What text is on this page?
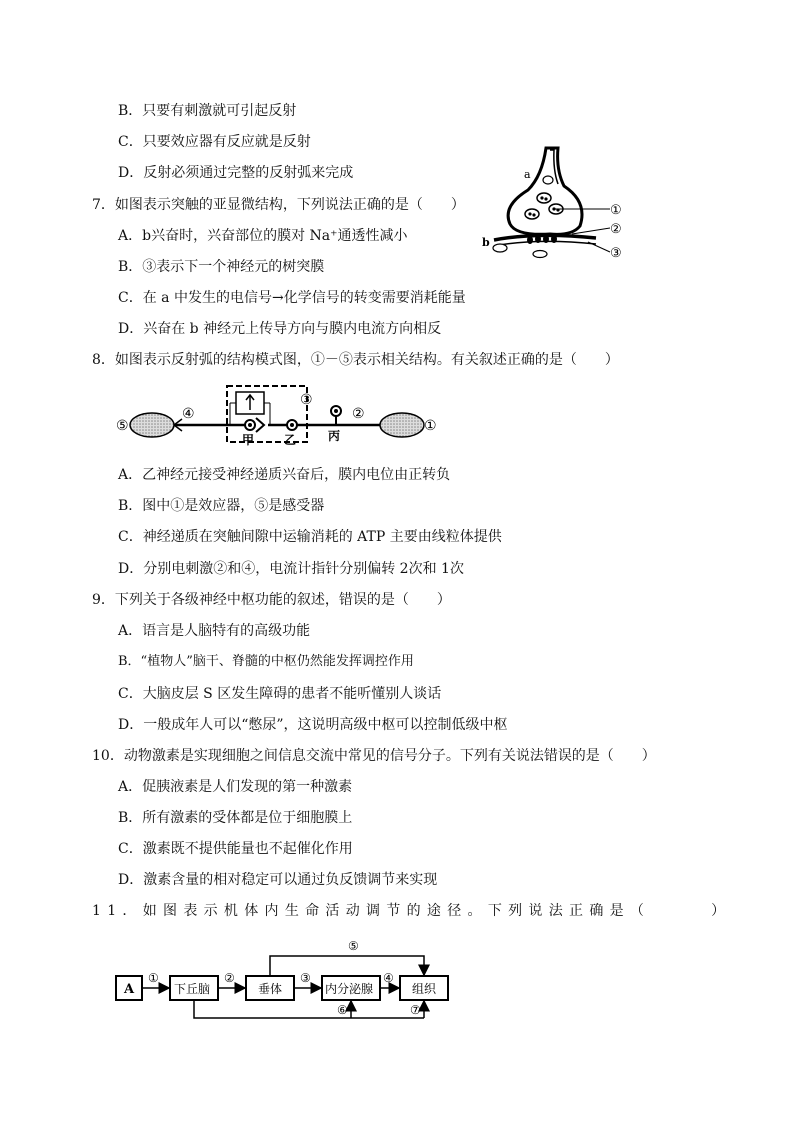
B．只要有刺激就可引起反射
C．只要效应器有反应就是反射
D．反射必须通过完整的反射弧来完成
7．如图表示突触的亚显微结构，下列说法正确的是（　　）
A．b兴奋时，兴奋部位的膜对 Na⁺通透性减小
B．③表示下一个神经元的树突膜
C．在 a 中发生的电信号→化学信号的转变需要消耗能量
D．兴奋在 b 神经元上传导方向与膜内电流方向相反
a
b
①
②
③
8．如图表示反射弧的结构模式图，①－⑤表示相关结构。有关叙述正确的是（　　）
⑤
④
③
②
①
甲 乙	丙
A．乙神经元接受神经递质兴奋后，膜内电位由正转负
B．图中①是效应器，⑤是感受器
C．神经递质在突触间隙中运输消耗的 ATP 主要由线粒体提供
D．分别电刺激②和④，电流计指针分别偏转 2次和 1次
9．下列关于各级神经中枢功能的叙述，错误的是（　　）
A．语言是人脑特有的高级功能
B．“植物人”脑干、脊髓的中枢仍然能发挥调控作用
C．大脑皮层 S 区发生障碍的患者不能听懂别人谈话
D．一般成年人可以“憋尿”，这说明高级中枢可以控制低级中枢
10．动物激素是实现细胞之间信息交流中常见的信号分子。下列有关说法错误的是（　　）
A．促胰液素是人们发现的第一种激素
B．所有激素的受体都是位于细胞膜上
C．激素既不提供能量也不起催化作用
D．激素含量的相对稳定可以通过负反馈调节来实现
11．如图表示机体内生命活动调节的途径。下列说法正确是（　　　）
A	下丘脑	垂体	内分泌腺	组织
①	②	③	④
⑤
⑥	⑦
